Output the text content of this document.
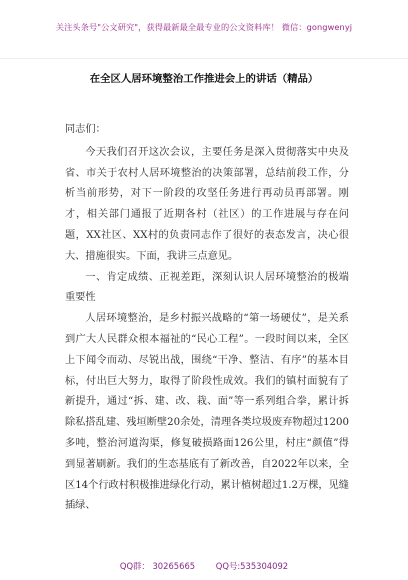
关注头条号"公文研究"，获得最新最全最专业的公文资料库！ 微信：gongwenyj
在全区人居环境整治工作推进会上的讲话（精品）

同志们：

今天我们召开这次会议，主要任务是深入贯彻落实中央及省、市关于农村人居环境整治的决策部署，总结前段工作，分析当前形势，对下一阶段的攻坚任务进行再动员再部署。刚才，相关部门通报了近期各村（社区）的工作进展与存在问题，XX社区、XX村的负责同志作了很好的表态发言，决心很大、措施很实。下面，我讲三点意见。

一、肯定成绩、正视差距，深刻认识人居环境整治的极端重要性

人居环境整治，是乡村振兴战略的“第一场硬仗”，是关系到广大人民群众根本福祉的“民心工程”。一段时间以来，全区上下闻令而动、尽锐出战，围绕“干净、整洁、有序”的基本目标，付出巨大努力，取得了阶段性成效。我们的镇村面貌有了新提升，通过“拆、建、改、栽、面”等一系列组合拳，累计拆除私搭乱建、残垣断壁20余处，清理各类垃圾废弃物超过1200多吨，整治河道沟渠，修复破损路面126公里，村庄“颜值”得到显著刷新。我们的生态基底有了新改善，自2022年以来，全区14个行政村积极推进绿化行动，累计植树超过1.2万棵，见缝插绿、

QQ群： 30265665 QQ号:535304092
